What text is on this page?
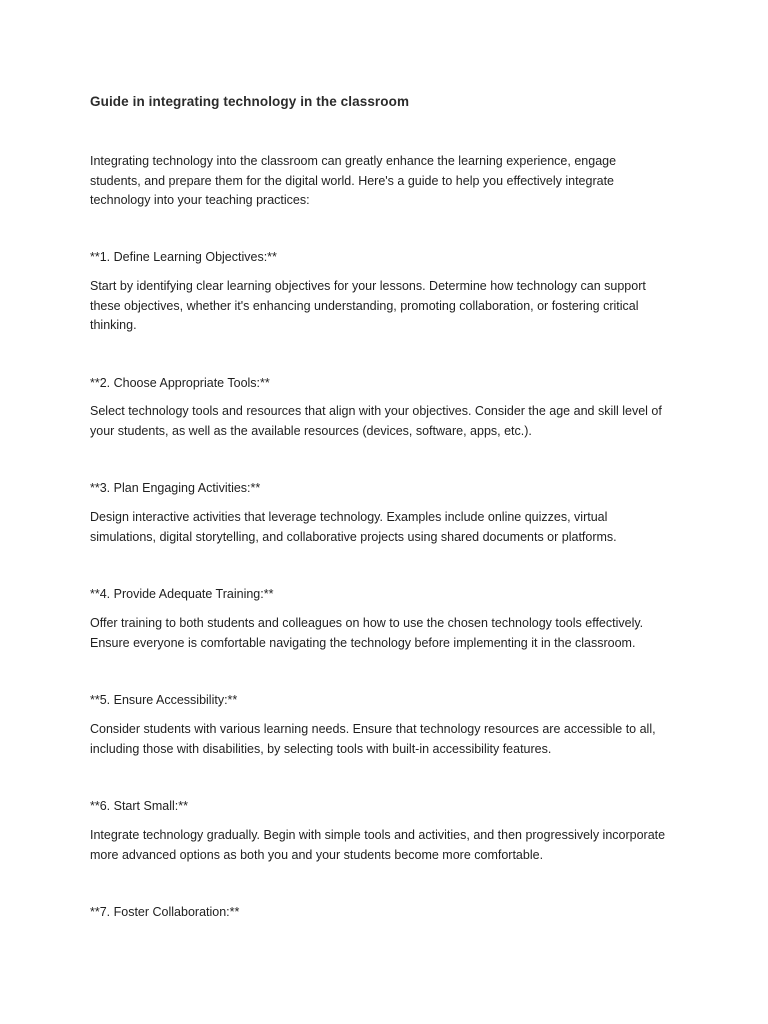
Guide in integrating technology in the classroom

Integrating technology into the classroom can greatly enhance the learning experience, engage students, and prepare them for the digital world. Here's a guide to help you effectively integrate technology into your teaching practices:

**1. Define Learning Objectives:**

Start by identifying clear learning objectives for your lessons. Determine how technology can support these objectives, whether it's enhancing understanding, promoting collaboration, or fostering critical thinking.

**2. Choose Appropriate Tools:**

Select technology tools and resources that align with your objectives. Consider the age and skill level of your students, as well as the available resources (devices, software, apps, etc.).

**3. Plan Engaging Activities:**

Design interactive activities that leverage technology. Examples include online quizzes, virtual simulations, digital storytelling, and collaborative projects using shared documents or platforms.

**4. Provide Adequate Training:**

Offer training to both students and colleagues on how to use the chosen technology tools effectively. Ensure everyone is comfortable navigating the technology before implementing it in the classroom.

**5. Ensure Accessibility:**

Consider students with various learning needs. Ensure that technology resources are accessible to all, including those with disabilities, by selecting tools with built-in accessibility features.

**6. Start Small:**

Integrate technology gradually. Begin with simple tools and activities, and then progressively incorporate more advanced options as both you and your students become more comfortable.

**7. Foster Collaboration:**
